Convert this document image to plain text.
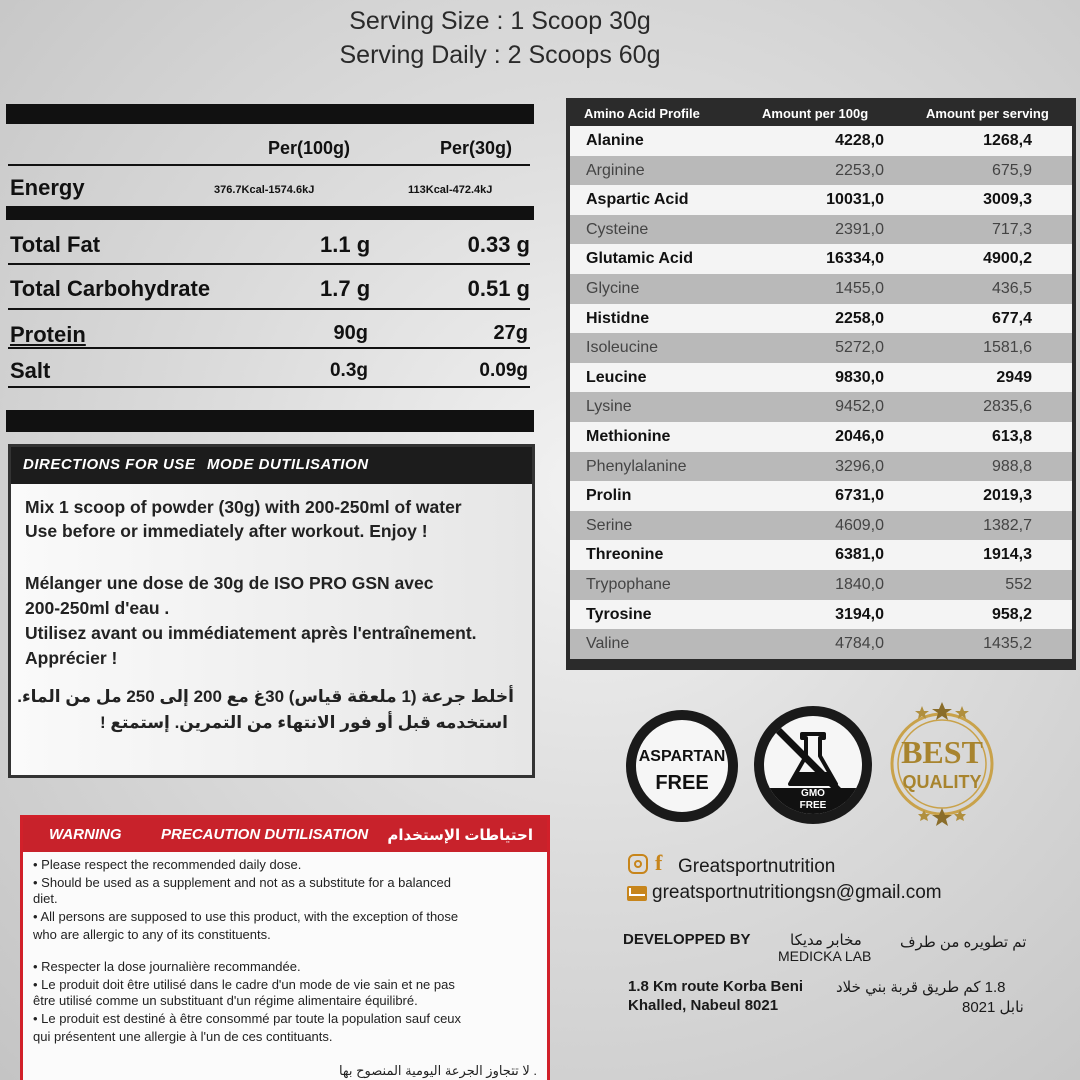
Serving Size : 1 Scoop 30g
Serving Daily : 2 Scoops 60g
Per(100g)	Per(30g)
Energy	376.7Kcal-1574.6kJ	113Kcal-472.4kJ
Total Fat	1.1 g	0.33 g
Total Carbohydrate	1.7 g	0.51 g
Protein	90g	27g
Salt	0.3g	0.09g
DIRECTIONS FOR USE MODE DUTILISATION
Mix 1 scoop of powder (30g) with 200-250ml of water
Use before or immediately after workout. Enjoy !
Mélanger une dose de 30g de ISO PRO GSN avec
200-250ml d'eau .
Utilisez avant ou immédiatement après l'entraînement.
Apprécier !
أخلط جرعة (1 ملعقة قياس) 30غ مع 200 إلى 250 مل من الماء.
استخدمه قبل أو فور الانتهاء من التمرين. إستمتع !
Amino Acid Profile	Amount per 100g	Amount per serving
Alanine	4228,0	1268,4
Arginine	2253,0	675,9
Aspartic Acid	10031,0	3009,3
Cysteine	2391,0	717,3
Glutamic Acid	16334,0	4900,2
Glycine	1455,0	436,5
Histidne	2258,0	677,4
Isoleucine	5272,0	1581,6
Leucine	9830,0	2949
Lysine	9452,0	2835,6
Methionine	2046,0	613,8
Phenylalanine	3296,0	988,8
Prolin	6731,0	2019,3
Serine	4609,0	1382,7
Threonine	6381,0	1914,3
Trypophane	1840,0	552
Tyrosine	3194,0	958,2
Valine	4784,0	1435,2
ASPARTAN
FREE	GMO
FREE
BEST
QUALITY
f Greatsportnutrition
greatsportnutritiongsn@gmail.com
DEVELOPPED BY	مخابر مديكا
MEDICKA LAB
تم تطويره من طرف
1.8 Km route Korba Beni
Khalled, Nabeul 8021
1.8 كم طريق قربة بني خلاد
نابل 8021
WARNING	PRECAUTION DUTILISATION احتياطات الإستخدام
• Please respect the recommended daily dose.
• Should be used as a supplement and not as a substitute for a balanced
diet.
• All persons are supposed to use this product, with the exception of those
who are allergic to any of its constituents.
• Respecter la dose journalière recommandée.
• Le produit doit être utilisé dans le cadre d'un mode de vie sain et ne pas
être utilisé comme un substituant d'un régime alimentaire équilibré.
• Le produit est destiné à être consommé par toute la population sauf ceux
qui présentent une allergie à l'un de ces contituants.
. لا تتجاوز الجرعة اليومية المنصوح بها
